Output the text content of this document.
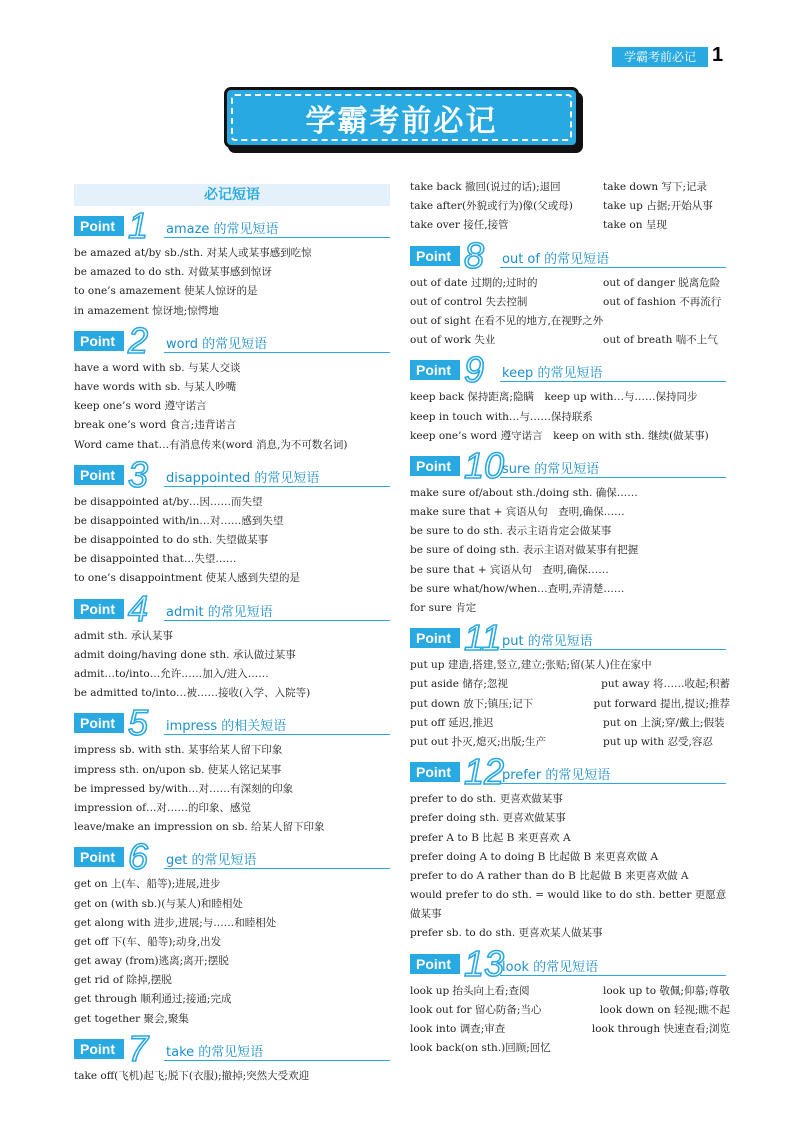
学霸考前必记 1
学霸考前必记
必记短语
Point 1 amaze 的常见短语
be amazed at/by sb./sth. 对某人或某事感到吃惊
be amazed to do sth. 对做某事感到惊讶
to one’s amazement 使某人惊讶的是
in amazement 惊讶地;惊愕地
Point 2 word 的常见短语
have a word with sb. 与某人交谈
have words with sb. 与某人吵嘴
keep one’s word 遵守诺言
break one’s word 食言;违背诺言
Word came that…有消息传来(word 消息,为不可数名词)
Point 3 disappointed 的常见短语
be disappointed at/by…因……而失望
be disappointed with/in…对……感到失望
be disappointed to do sth. 失望做某事
be disappointed that…失望……
to one’s disappointment 使某人感到失望的是
Point 4 admit 的常见短语
admit sth. 承认某事
admit doing/having done sth. 承认做过某事
admit…to/into…允许……加入/进入……
be admitted to/into…被……接收(入学、入院等)
Point 5 impress 的相关短语
impress sb. with sth. 某事给某人留下印象
impress sth. on/upon sb. 使某人铭记某事
be impressed by/with…对……有深刻的印象
impression of…对……的印象、感觉
leave/make an impression on sb. 给某人留下印象
Point 6 get 的常见短语
get on 上(车、船等);进展,进步
get on (with sb.)(与某人)和睦相处
get along with 进步,进展;与……和睦相处
get off 下(车、船等);动身,出发
get away (from)逃离;离开;摆脱
get rid of 除掉,摆脱
get through 顺利通过;接通;完成
get together 聚会,聚集
Point 7 take 的常见短语
take off(飞机)起飞;脱下(衣服);撤掉;突然大受欢迎
take back 撤回(说过的话);退回	take down 写下;记录
take after(外貌或行为)像(父或母)	take up 占据;开始从事
take over 接任,接管	take on 呈现
Point 8 out of 的常见短语
out of date 过期的;过时的	out of danger 脱离危险
out of control 失去控制	out of fashion 不再流行
out of sight 在看不见的地方,在视野之外
out of work 失业	out of breath 喘不上气
Point 9 keep 的常见短语
keep back 保持距离;隐瞒　keep up with…与……保持同步
keep in touch with…与……保持联系
keep one’s word 遵守诺言　keep on with sth. 继续(做某事)
Point 10
sure 的常见短语
make sure of/about sth./doing sth. 确保……
make sure that + 宾语从句　查明,确保……
be sure to do sth. 表示主语肯定会做某事
be sure of doing sth. 表示主语对做某事有把握
be sure that + 宾语从句　查明,确保……
be sure what/how/when…查明,弄清楚……
for sure 肯定
Point 11 put 的常见短语
put up 建造,搭建,竖立,建立;张贴;留(某人)住在家中
put aside 储存;忽视	put away 将……收起;积蓄
put down 放下;镇压;记下	put forward 提出,提议;推荐
put off 延迟,推迟	put on 上演;穿/戴上;假装
put out 扑灭,熄灭;出版;生产	put up with 忍受,容忍
Point 12
prefer 的常见短语
prefer to do sth. 更喜欢做某事
prefer doing sth. 更喜欢做某事
prefer A to B 比起 B 来更喜欢 A
prefer doing A to doing B 比起做 B 来更喜欢做 A
prefer to do A rather than do B 比起做 B 来更喜欢做 A
would prefer to do sth. = would like to do sth. better 更愿意做某事
prefer sb. to do sth. 更喜欢某人做某事
Point 13
look 的常见短语
look up 抬头向上看;查阅	look up to 敬佩;仰慕;尊敬
look out for 留心防备;当心	look down on 轻视;瞧不起
look into 调查;审查	look through 快速查看;浏览
look back(on sth.)回顾;回忆
